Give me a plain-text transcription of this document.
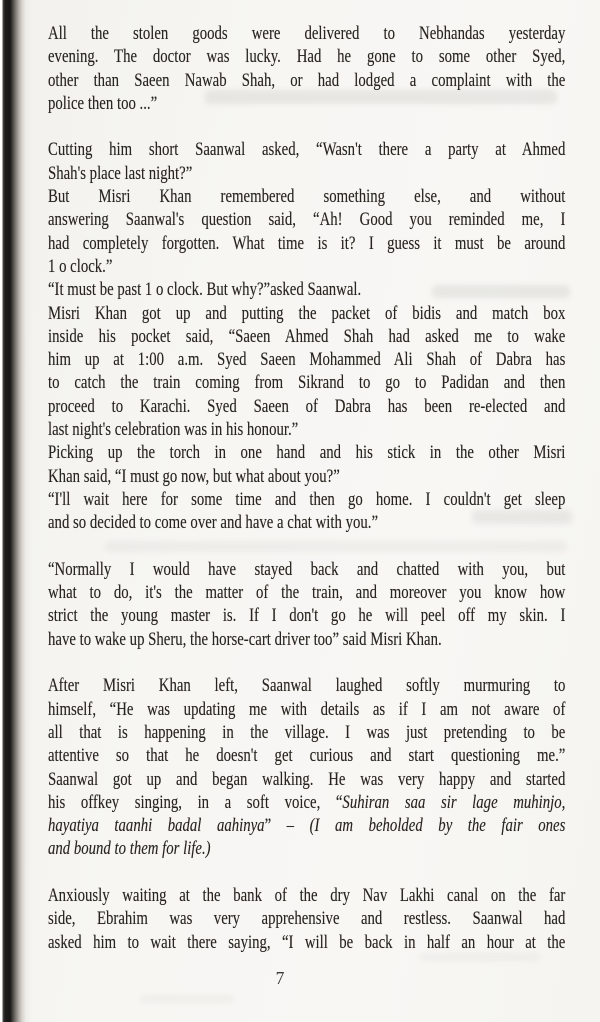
All the stolen goods were delivered to Nebhandas yesterday
evening. The doctor was lucky. Had he gone to some other Syed,
other than Saeen Nawab Shah, or had lodged a complaint with the
police then too ...”
Cutting him short Saanwal asked, “Wasn't there a party at Ahmed
Shah's place last night?”
But Misri Khan remembered something else, and without
answering Saanwal's question said, “Ah! Good you reminded me, I
had completely forgotten. What time is it? I guess it must be around
1 o clock.”
“It must be past 1 o clock. But why?”asked Saanwal.
Misri Khan got up and putting the packet of bidis and match box
inside his pocket said, “Saeen Ahmed Shah had asked me to wake
him up at 1:00 a.m. Syed Saeen Mohammed Ali Shah of Dabra has
to catch the train coming from Sikrand to go to Padidan and then
proceed to Karachi. Syed Saeen of Dabra has been re-elected and
last night's celebration was in his honour.”
Picking up the torch in one hand and his stick in the other Misri
Khan said, “I must go now, but what about you?”
“I'll wait here for some time and then go home. I couldn't get sleep
and so decided to come over and have a chat with you.”
“Normally I would have stayed back and chatted with you, but
what to do, it's the matter of the train, and moreover you know how
strict the young master is. If I don't go he will peel off my skin. I
have to wake up Sheru, the horse-cart driver too” said Misri Khan.
After Misri Khan left, Saanwal laughed softly murmuring to
himself, “He was updating me with details as if I am not aware of
all that is happening in the village. I was just pretending to be
attentive so that he doesn't get curious and start questioning me.”
Saanwal got up and began walking. He was very happy and started
his offkey singing, in a soft voice, “Suhiran saa sir lage muhinjo,
hayatiya taanhi badal aahinya” – (I am beholded by the fair ones
and bound to them for life.)
Anxiously waiting at the bank of the dry Nav Lakhi canal on the far
side, Ebrahim was very apprehensive and restless. Saanwal had
asked him to wait there saying, “I will be back in half an hour at the
7
